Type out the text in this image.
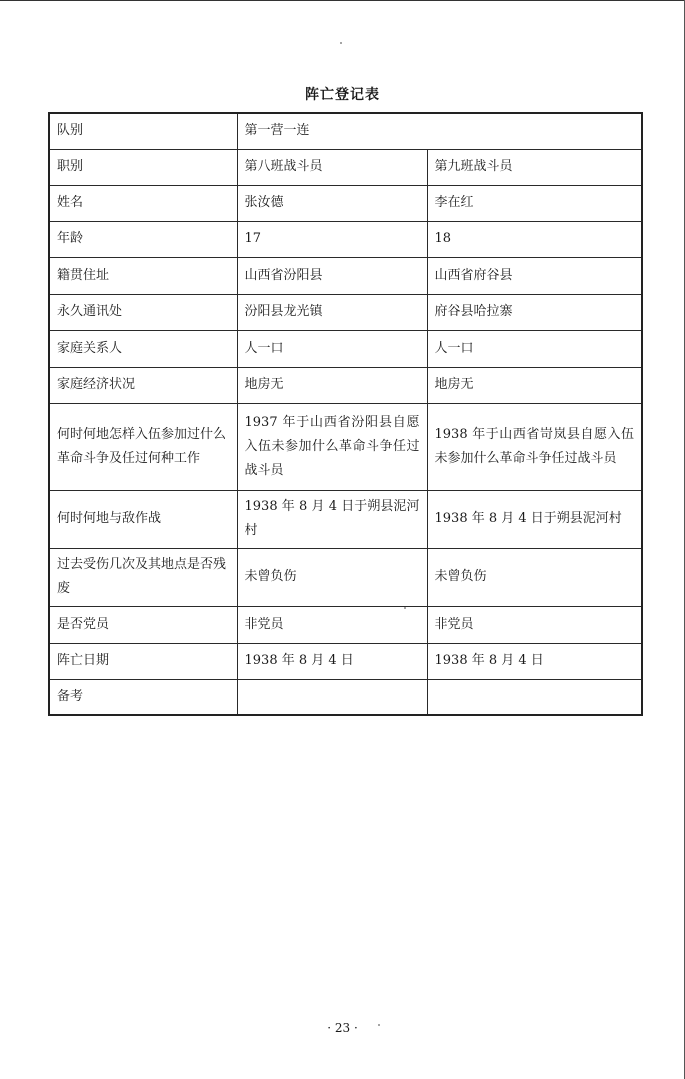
阵亡登记表
队别	第一营一连	
职别	第八班战斗员	第九班战斗员
姓名	张汝德	李在红
年龄	17	18
籍贯住址	山西省汾阳县	山西省府谷县
永久通讯处	汾阳县龙光镇	府谷县哈拉寨
家庭关系人	人一口	人一口
家庭经济状况	地房无	地房无
何时何地怎样入伍参加过什么革命斗争及任过何种工作	1937 年于山西省汾阳县自愿入伍未参加什么革命斗争任过战斗员	1938 年于山西省岢岚县自愿入伍未参加什么革命斗争任过战斗员
何时何地与敌作战	1938 年 8 月 4 日于朔县泥河村	1938 年 8 月 4 日于朔县泥河村
过去受伤几次及其地点是否残废	未曾负伤	未曾负伤
是否党员	非党员	非党员
阵亡日期	1938 年 8 月 4 日	1938 年 8 月 4 日
备考		
· 23 ·
